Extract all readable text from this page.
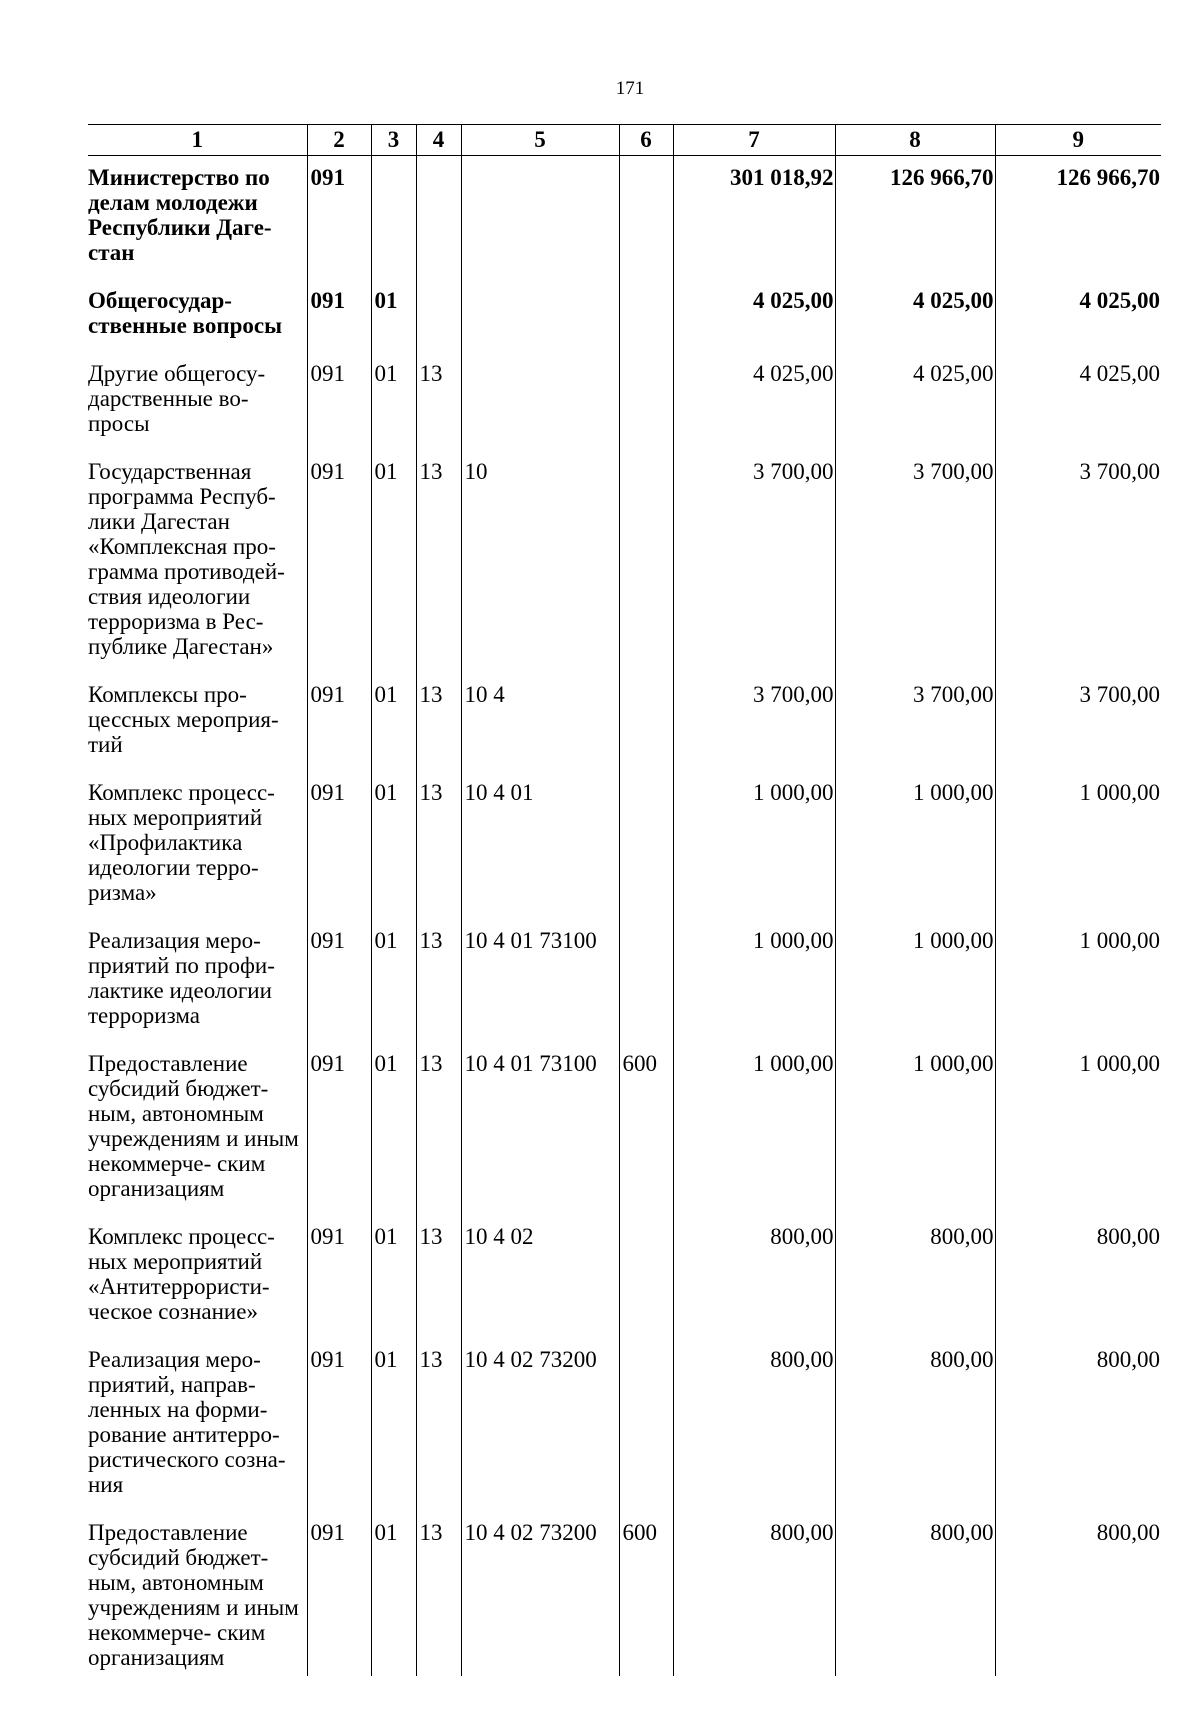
171
1	2	3	4	5	6	7	8	9
Министерство по делам молодежи Республики Даге- стан	091					301 018,92	126 966,70	126 966,70
Общегосудар- ственные вопросы	091	01				4 025,00	4 025,00	4 025,00
Другие общегосу- дарственные во- просы	091	01	13			4 025,00	4 025,00	4 025,00
Государственная программа Респуб- лики Дагестан «Комплексная про- грамма противодей- ствия идеологии терроризма в Рес- публике Дагестан»	091	01	13	10		3 700,00	3 700,00	3 700,00
Комплексы про- цессных мероприя- тий	091	01	13	10 4		3 700,00	3 700,00	3 700,00
Комплекс процесс- ных мероприятий «Профилактика идеологии терро- ризма»	091	01	13	10 4 01		1 000,00	1 000,00	1 000,00
Реализация меро- приятий по профи- лактике идеологии терроризма	091	01	13	10 4 01 73100		1 000,00	1 000,00	1 000,00
Предоставление субсидий бюджет- ным, автономным учреждениям и иным некоммерче- ским организациям	091	01	13	10 4 01 73100	600	1 000,00	1 000,00	1 000,00
Комплекс процесс- ных мероприятий «Антитеррористи- ческое сознание»	091	01	13	10 4 02		800,00	800,00	800,00
Реализация меро- приятий, направ- ленных на форми- рование антитерро- ристического созна- ния	091	01	13	10 4 02 73200		800,00	800,00	800,00
Предоставление субсидий бюджет- ным, автономным учреждениям и иным некоммерче- ским организациям	091	01	13	10 4 02 73200	600	800,00	800,00	800,00
